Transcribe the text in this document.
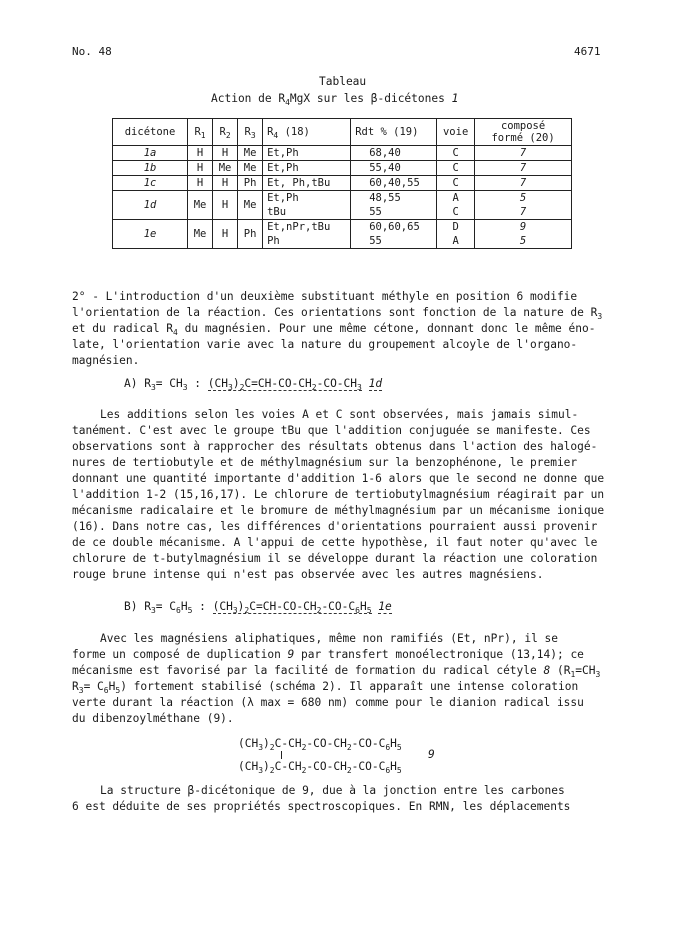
No. 48	4671
Tableau
Action de $R_4MgX$ sur les β-dicétones 1
dicétone	$R_1$	$R_2$	$R_3$	$R_4$ (18)	Rdt % (19)	voie	composé
formé (20)
1a	H	H	Me	Et,Ph	68,40	C	7
1b	H	Me	Me	Et,Ph	55,40	C	7
1c	H	H	Ph	Et, Ph,tBu	60,40,55	C	7
1d	Me	H	Me	Et,Ph	48,55	A	5
				tBu	55	C	7
1e	Me	H	Ph	Et,nPr,tBu	60,60,65	D	9
				Ph	55	A	5
2° - L'introduction d'un deuxième substituant méthyle en position 6 modifie
l'orientation de la réaction. Ces orientations sont fonction de la nature de $R_3$
et du radical $R_4$ du magnésien. Pour une même cétone, donnant donc le même éno-
late, l'orientation varie avec la nature du groupement alcoyle de l'organo-
magnésien.
A) $R_3= CH_3$ : $(CH_3)_2C=CH-CO-CH_2-CO-CH_3$ 1d
Les additions selon les voies A et C sont observées, mais jamais simul-
tanément. C'est avec le groupe tBu que l'addition conjuguée se manifeste. Ces
observations sont à rapprocher des résultats obtenus dans l'action des halogé-
nures de tertiobutyle et de méthylmagnésium sur la benzophénone, le premier
donnant une quantité importante d'addition 1-6 alors que le second ne donne que
l'addition 1-2 (15,16,17). Le chlorure de tertiobutylmagnésium réagirait par un
mécanisme radicalaire et le bromure de méthylmagnésium par un mécanisme ionique
(16). Dans notre cas, les différences d'orientations pourraient aussi provenir
de ce double mécanisme. A l'appui de cette hypothèse, il faut noter qu'avec le
chlorure de t-butylmagnésium il se développe durant la réaction une coloration
rouge brune intense qui n'est pas observée avec les autres magnésiens.
B) $R_3= C_6H_5$ : $(CH_3)_2C=CH-CO-CH_2-CO-C_6H_5$ 1e
Avec les magnésiens aliphatiques, même non ramifiés (Et, nPr), il se
forme un composé de duplication 9 par transfert monoélectronique (13,14); ce
mécanisme est favorisé par la facilité de formation du radical cétyle 8 ($R_1=CH_3$
$R_3= C_6H_5$) fortement stabilisé (schéma 2). Il apparaît une intense coloration
verte durant la réaction (λ max = 680 nm) comme pour le dianion radical issu
du dibenzoylméthane (9).
$(CH_3)_2C-CH_2-CO-CH_2-CO-C_6H_5$
$(CH_3)_2C-CH_2-CO-CH_2-CO-C_6H_5$
9
La structure β-dicétonique de 9, due à la jonction entre les carbones
6 est déduite de ses propriétés spectroscopiques. En RMN, les déplacements
